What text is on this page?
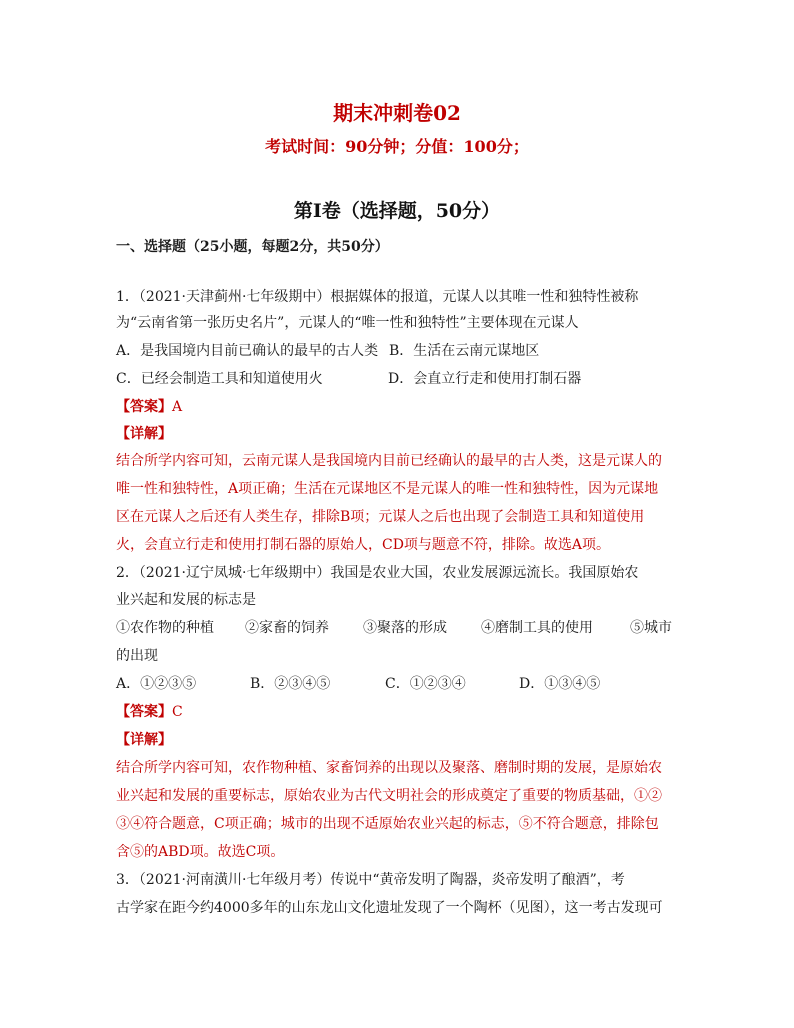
期末冲刺卷02
考试时间：90分钟；分值：100分；
第I卷（选择题，50分）
一、选择题（25小题，每题2分，共50分）
1．（2021·天津蓟州·七年级期中）根据媒体的报道，元谋人以其唯一性和独特性被称
为“云南省第一张历史名片”，元谋人的“唯一性和独特性”主要体现在元谋人
A．是我国境内目前已确认的最早的古人类 B．生活在云南元谋地区
C．已经会制造工具和知道使用火	D．会直立行走和使用打制石器
【答案】A
【详解】
结合所学内容可知，云南元谋人是我国境内目前已经确认的最早的古人类，这是元谋人的
唯一性和独特性，A项正确；生活在元谋地区不是元谋人的唯一性和独特性，因为元谋地
区在元谋人之后还有人类生存，排除B项；元谋人之后也出现了会制造工具和知道使用
火，会直立行走和使用打制石器的原始人，CD项与题意不符，排除。故选A项。
2．（2021·辽宁凤城·七年级期中）我国是农业大国，农业发展源远流长。我国原始农
业兴起和发展的标志是
①农作物的种植 ②家畜的饲养 ③聚落的形成 ④磨制工具的使用	⑤城市
的出现
A．①②③⑤	B．②③④⑤	C．①②③④	D．①③④⑤
【答案】C
【详解】
结合所学内容可知，农作物种植、家畜饲养的出现以及聚落、磨制时期的发展，是原始农
业兴起和发展的重要标志，原始农业为古代文明社会的形成奠定了重要的物质基础，①②
③④符合题意，C项正确；城市的出现不适原始农业兴起的标志，⑤不符合题意，排除包
含⑤的ABD项。故选C项。
3．（2021·河南潢川·七年级月考）传说中“黄帝发明了陶器，炎帝发明了酿酒”，考
古学家在距今约4000多年的山东龙山文化遗址发现了一个陶杯（见图），这一考古发现可
